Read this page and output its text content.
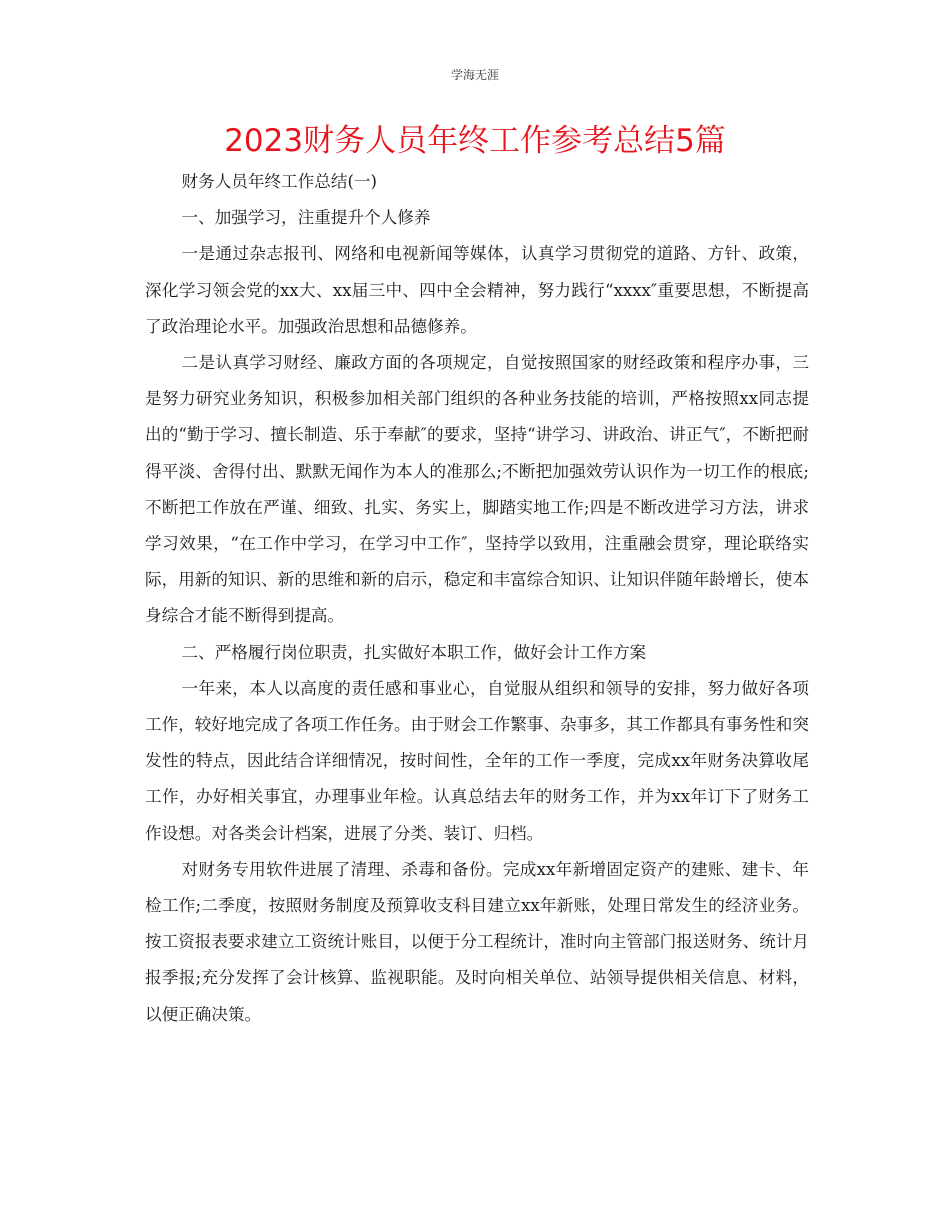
学海无涯
2023财务人员年终工作参考总结5篇

财务人员年终工作总结(一)

一、加强学习，注重提升个人修养

一是通过杂志报刊、网络和电视新闻等媒体，认真学习贯彻党的道路、方针、政策，深化学习领会党的xx大、xx届三中、四中全会精神，努力践行“xxxx″重要思想，不断提高了政治理论水平。加强政治思想和品德修养。

二是认真学习财经、廉政方面的各项规定，自觉按照国家的财经政策和程序办事，三是努力研究业务知识，积极参加相关部门组织的各种业务技能的培训，严格按照xx同志提出的“勤于学习、擅长制造、乐于奉献″的要求，坚持“讲学习、讲政治、讲正气″，不断把耐得平淡、舍得付出、默默无闻作为本人的准那么;不断把加强效劳认识作为一切工作的根底;不断把工作放在严谨、细致、扎实、务实上，脚踏实地工作;四是不断改进学习方法，讲求学习效果，“在工作中学习，在学习中工作″，坚持学以致用，注重融会贯穿，理论联络实际，用新的知识、新的思维和新的启示，稳定和丰富综合知识、让知识伴随年龄增长，使本身综合才能不断得到提高。

二、严格履行岗位职责，扎实做好本职工作，做好会计工作方案

一年来，本人以高度的责任感和事业心，自觉服从组织和领导的安排，努力做好各项工作，较好地完成了各项工作任务。由于财会工作繁事、杂事多，其工作都具有事务性和突发性的特点，因此结合详细情况，按时间性，全年的工作一季度，完成xx年财务决算收尾工作，办好相关事宜，办理事业年检。认真总结去年的财务工作，并为xx年订下了财务工作设想。对各类会计档案，进展了分类、装订、归档。

对财务专用软件进展了清理、杀毒和备份。完成xx年新增固定资产的建账、建卡、年检工作;二季度，按照财务制度及预算收支科目建立xx年新账，处理日常发生的经济业务。按工资报表要求建立工资统计账目，以便于分工程统计，准时向主管部门报送财务、统计月报季报;充分发挥了会计核算、监视职能。及时向相关单位、站领导提供相关信息、材料，以便正确决策。
